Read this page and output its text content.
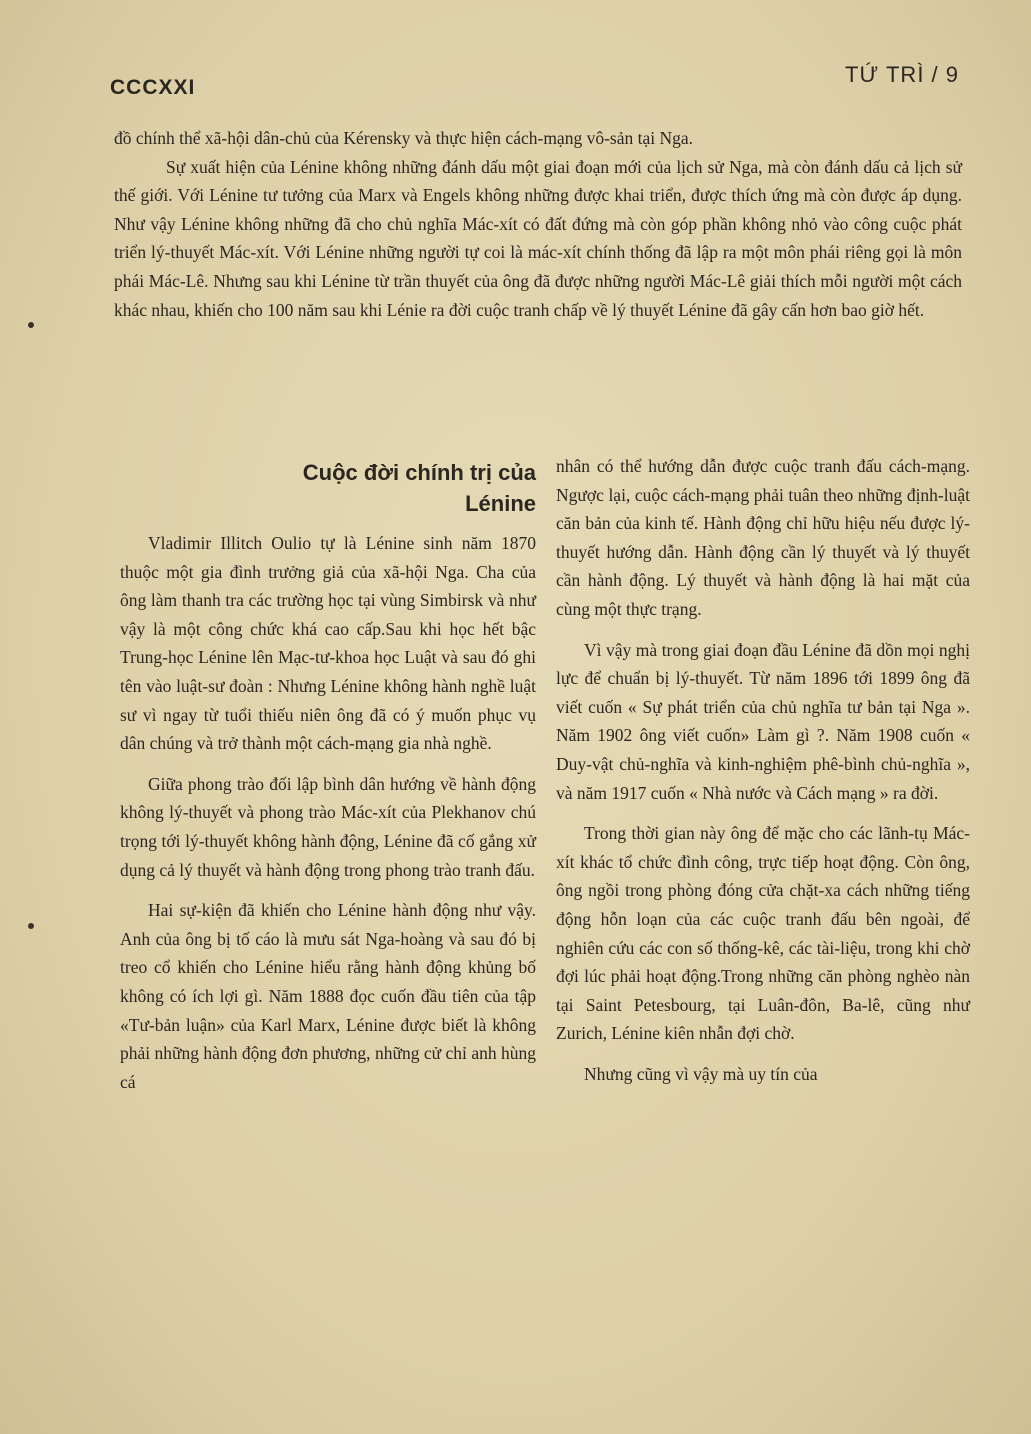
CCCXXI
TỨ TRÌ / 9

đồ chính thể xã-hội dân-chủ của Kérensky và thực hiện cách-mạng vô-sản tại Nga.

Sự xuất hiện của Lénine không những đánh dấu một giai đoạn mới của lịch sử Nga, mà còn đánh dấu cả lịch sử thế giới. Với Lénine tư tưởng của Marx và Engels không những được khai triển, được thích ứng mà còn được áp dụng. Như vậy Lénine không những đã cho chủ nghĩa Mác-xít có đất đứng mà còn góp phần không nhỏ vào công cuộc phát triển lý-thuyết Mác-xít. Với Lénine những người tự coi là mác-xít chính thống đã lập ra một môn phái riêng gọi là môn phái Mác-Lê. Nhưng sau khi Lénine từ trần thuyết của ông đã được những người Mác-Lê giải thích mỗi người một cách khác nhau, khiến cho 100 năm sau khi Lénie ra đời cuộc tranh chấp về lý thuyết Lénine đã gây cấn hơn bao giờ hết.

Cuộc đời chính trị của
Lénine

Vladimir Illitch Oulio tự là Lénine sinh năm 1870 thuộc một gia đình trưởng giả của xã-hội Nga. Cha của ông làm thanh tra các trường học tại vùng Simbirsk và như vậy là một công chức khá cao cấp.Sau khi học hết bậc Trung-học Lénine lên Mạc-tư-khoa học Luật và sau đó ghi tên vào luật-sư đoàn : Nhưng Lénine không hành nghề luật sư vì ngay từ tuổi thiếu niên ông đã có ý muốn phục vụ dân chúng và trở thành một cách-mạng gia nhà nghề.

Giữa phong trào đối lập bình dân hướng về hành động không lý-thuyết và phong trào Mác-xít của Plekhanov chú trọng tới lý-thuyết không hành động, Lénine đã cố gắng xử dụng cả lý thuyết và hành động trong phong trào tranh đấu.

Hai sự-kiện đã khiến cho Lénine hành động như vậy. Anh của ông bị tố cáo là mưu sát Nga-hoàng và sau đó bị treo cổ khiến cho Lénine hiểu rằng hành động khủng bố không có ích lợi gì. Năm 1888 đọc cuốn đầu tiên của tập «Tư-bản luận» của Karl Marx, Lénine được biết là không phải những hành động đơn phương, những cử chỉ anh hùng cá

nhân có thể hướng dẫn được cuộc tranh đấu cách-mạng. Ngược lại, cuộc cách-mạng phải tuân theo những định-luật căn bản của kinh tế. Hành động chỉ hữu hiệu nếu được lý-thuyết hướng dẫn. Hành động cần lý thuyết và lý thuyết cần hành động. Lý thuyết và hành động là hai mặt của cùng một thực trạng.

Vì vậy mà trong giai đoạn đầu Lénine đã dồn mọi nghị lực để chuẩn bị lý-thuyết. Từ năm 1896 tới 1899 ông đã viết cuốn « Sự phát triển của chủ nghĩa tư bản tại Nga ». Năm 1902 ông viết cuốn» Làm gì ?. Năm 1908 cuốn « Duy-vật chủ-nghĩa và kinh-nghiệm phê-bình chủ-nghĩa », và năm 1917 cuốn « Nhà nước và Cách mạng » ra đời.

Trong thời gian này ông để mặc cho các lãnh-tụ Mác-xít khác tổ chức đình công, trực tiếp hoạt động. Còn ông, ông ngồi trong phòng đóng cửa chặt-xa cách những tiếng động hỗn loạn của các cuộc tranh đấu bên ngoài, để nghiên cứu các con số thống-kê, các tài-liệu, trong khi chờ đợi lúc phải hoạt động.Trong những căn phòng nghèo nàn tại Saint Petesbourg, tại Luân-đôn, Ba-lê, cũng như Zurich, Lénine kiên nhẫn đợi chờ.

Nhưng cũng vì vậy mà uy tín của
